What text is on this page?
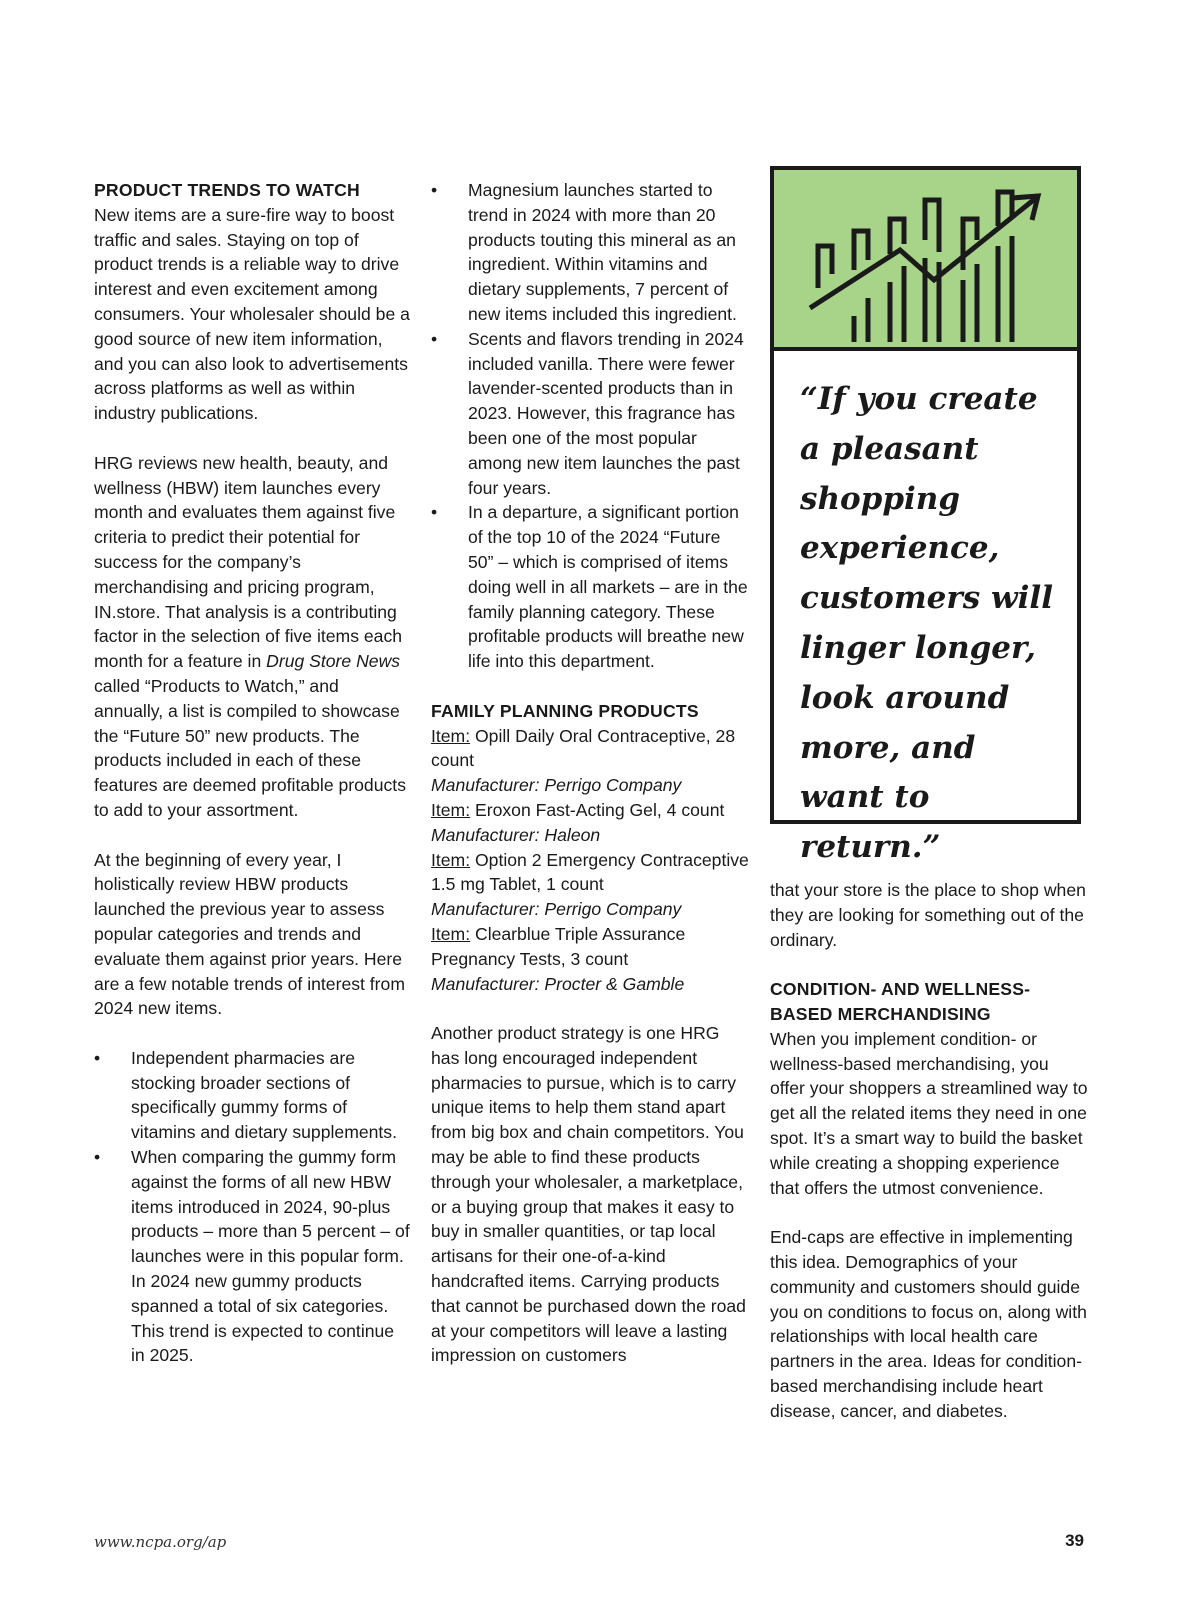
PRODUCT TRENDS TO WATCH

New items are a sure-fire way to boost traffic and sales. Staying on top of product trends is a reliable way to drive interest and even excitement among consumers. Your wholesaler should be a good source of new item information, and you can also look to advertisements across platforms as well as within industry publications.

HRG reviews new health, beauty, and wellness (HBW) item launches every month and evaluates them against five criteria to predict their potential for success for the company’s merchandising and pricing program, IN.store. That analysis is a contributing factor in the selection of five items each month for a feature in Drug Store News called “Products to Watch,” and annually, a list is compiled to showcase the “Future 50” new products. The products included in each of these features are deemed profitable products to add to your assortment.

At the beginning of every year, I holistically review HBW products launched the previous year to assess popular categories and trends and evaluate them against prior years. Here are a few notable trends of interest from 2024 new items.

• Independent pharmacies are stocking broader sections of specifically gummy forms of vitamins and dietary supplements.
• When comparing the gummy form against the forms of all new HBW items introduced in 2024, 90-plus products – more than 5 percent – of launches were in this popular form. In 2024 new gummy products spanned a total of six categories. This trend is expected to continue in 2025.
• Magnesium launches started to trend in 2024 with more than 20 products touting this mineral as an ingredient. Within vitamins and dietary supplements, 7 percent of new items included this ingredient.
• Scents and flavors trending in 2024 included vanilla. There were fewer lavender-scented products than in 2023. However, this fragrance has been one of the most popular among new item launches the past four years.
• In a departure, a significant portion of the top 10 of the 2024 “Future 50” – which is comprised of items doing well in all markets – are in the family planning category. These profitable products will breathe new life into this department.
FAMILY PLANNING PRODUCTS
Item: Opill Daily Oral Contraceptive, 28 count
Manufacturer: Perrigo Company
Item: Eroxon Fast-Acting Gel, 4 count
Manufacturer: Haleon
Item: Option 2 Emergency Contraceptive 1.5 mg Tablet, 1 count
Manufacturer: Perrigo Company
Item: Clearblue Triple Assurance Pregnancy Tests, 3 count
Manufacturer: Procter & Gamble

Another product strategy is one HRG has long encouraged independent pharmacies to pursue, which is to carry unique items to help them stand apart from big box and chain competitors. You may be able to find these products through your wholesaler, a marketplace, or a buying group that makes it easy to buy in smaller quantities, or tap local artisans for their one-of-a-kind handcrafted items. Carrying products that cannot be purchased down the road at your competitors will leave a lasting impression on customers

“If you create a pleasant shopping experience, customers will linger longer, look around more, and want to return.”

that your store is the place to shop when they are looking for something out of the ordinary.

CONDITION- AND WELLNESS-BASED MERCHANDISING

When you implement condition- or wellness-based merchandising, you offer your shoppers a streamlined way to get all the related items they need in one spot. It’s a smart way to build the basket while creating a shopping experience that offers the utmost convenience.

End-caps are effective in implementing this idea. Demographics of your community and customers should guide you on conditions to focus on, along with relationships with local health care partners in the area. Ideas for condition-based merchandising include heart disease, cancer, and diabetes.

www.ncpa.org/ap	39
